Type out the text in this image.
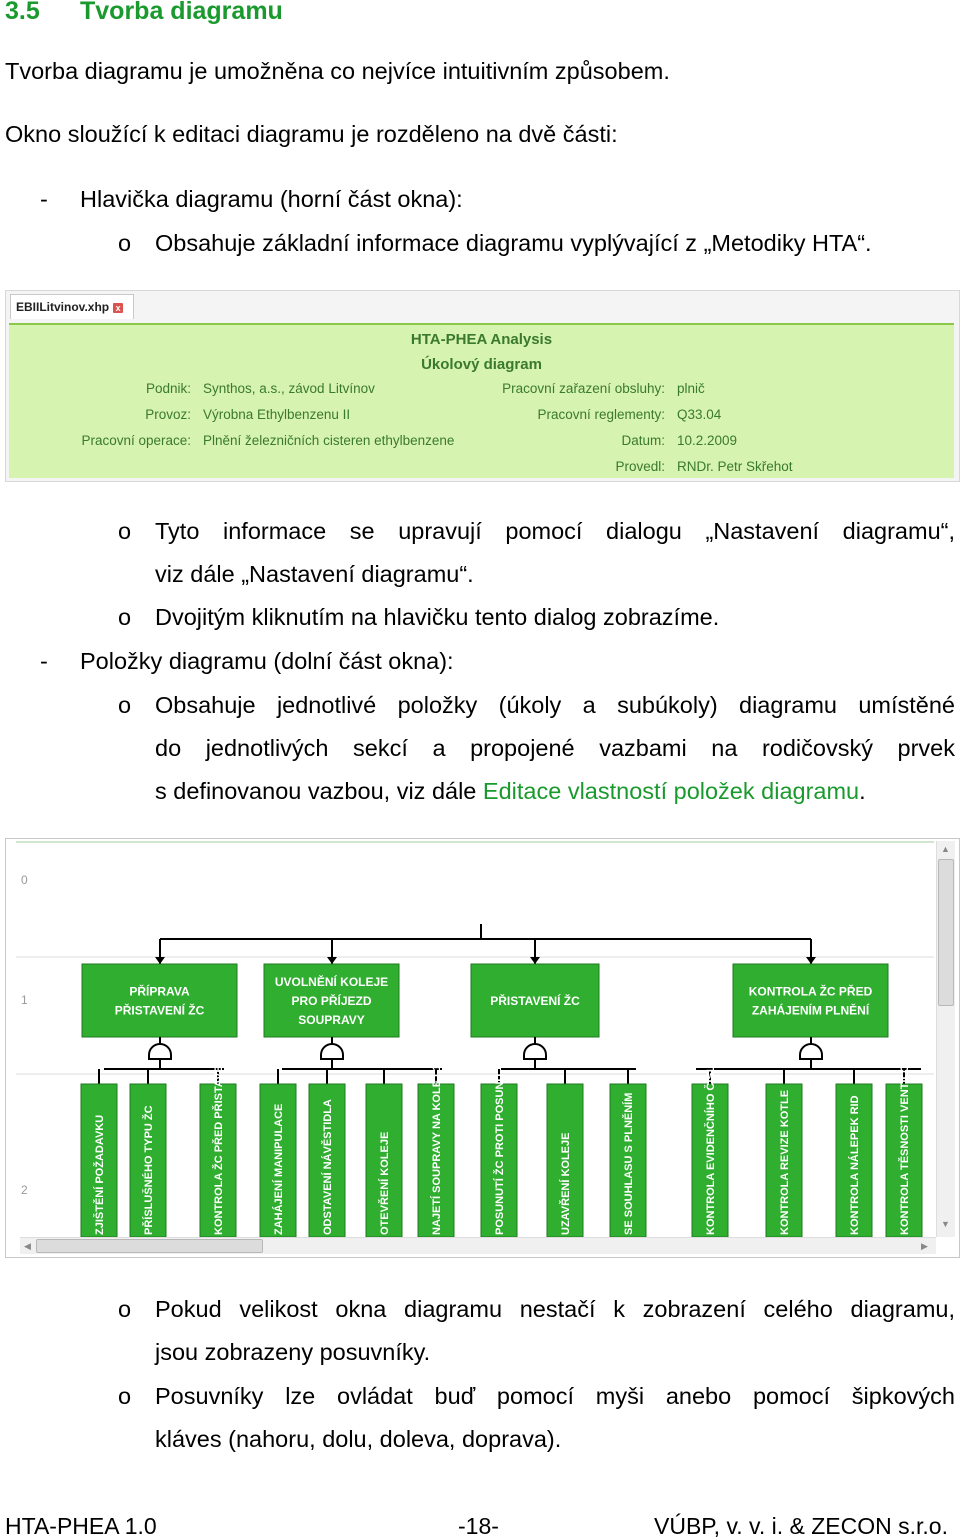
3.5 Tvorba diagramu
Tvorba diagramu je umožněna co nejvíce intuitivním způsobem.
Okno sloužící k editaci diagramu je rozděleno na dvě části:
- Hlavička diagramu (horní část okna):
o Obsahuje základní informace diagramu vyplývající z „Metodiky HTA“.
EBIILitvinov.xhp x
HTA-PHEA Analysis
Úkolový diagram
Podnik: Synthos, a.s., závod Litvínov
Provoz: Výrobna Ethylbenzenu II
Pracovní operace: Plnění železničních cisteren ethylbenzene
Pracovní zařazení obsluhy: plnič
Pracovní reglementy: Q33.04
Datum: 10.2.2009
Provedl: RNDr. Petr Skřehot
o Tyto informace se upravují pomocí dialogu „Nastavení diagramu“,
viz dále „Nastavení diagramu“.
o Dvojitým kliknutím na hlavičku tento dialog zobrazíme.
- Položky diagramu (dolní část okna):
o Obsahuje jednotlivé položky (úkoly a subúkoly) diagramu umístěné
do jednotlivých sekcí a propojené vazbami na rodičovský prvek
s definovanou vazbou, viz dále Editace vlastností položek diagramu.
0
1
2
PŘÍPRAVA
PŘISTAVENÍ ŽC
UVOLNĚNÍ KOLEJE
PRO PŘÍJEZD
SOUPRAVY
PŘISTAVENÍ ŽC
KONTROLA ŽC PŘED
ZAHÁJENÍM PLNĚNÍ
ZJIŠTĚNÍ POŽADAVKU	PŘÍSLUŠNÉHO TYPU ŽC	KONTROLA ŽC PŘED PŘISTAVENÍM	ZAHÁJENÍ MANIPULACE	ODSTAVENÍ NÁVĚSTIDLA	OTEVŘENÍ KOLEJE	NAJETÍ SOUPRAVY NA KOLEJ 133	POSUNUTÍ ŽC PROTI POSUNU	UZAVŘENÍ KOLEJE	SE SOUHLASU S PLNĚNÍM	KONTROLA EVIDENČNÍHO ČÍSLA	KONTROLA REVIZE KOTLE	KONTROLA NÁLEPEK RID	KONTROLA TĚSNOSTI VENTILOVÉ SOUSTAVY
▲
▼
◀	▶
o Pokud velikost okna diagramu nestačí k zobrazení celého diagramu,
jsou zobrazeny posuvníky.
o Posuvníky lze ovládat buď pomocí myši anebo pomocí šipkových
kláves (nahoru, dolu, doleva, doprava).
HTA-PHEA 1.0	-18-	VÚBP, v. v. i. & ZECON s.r.o.
